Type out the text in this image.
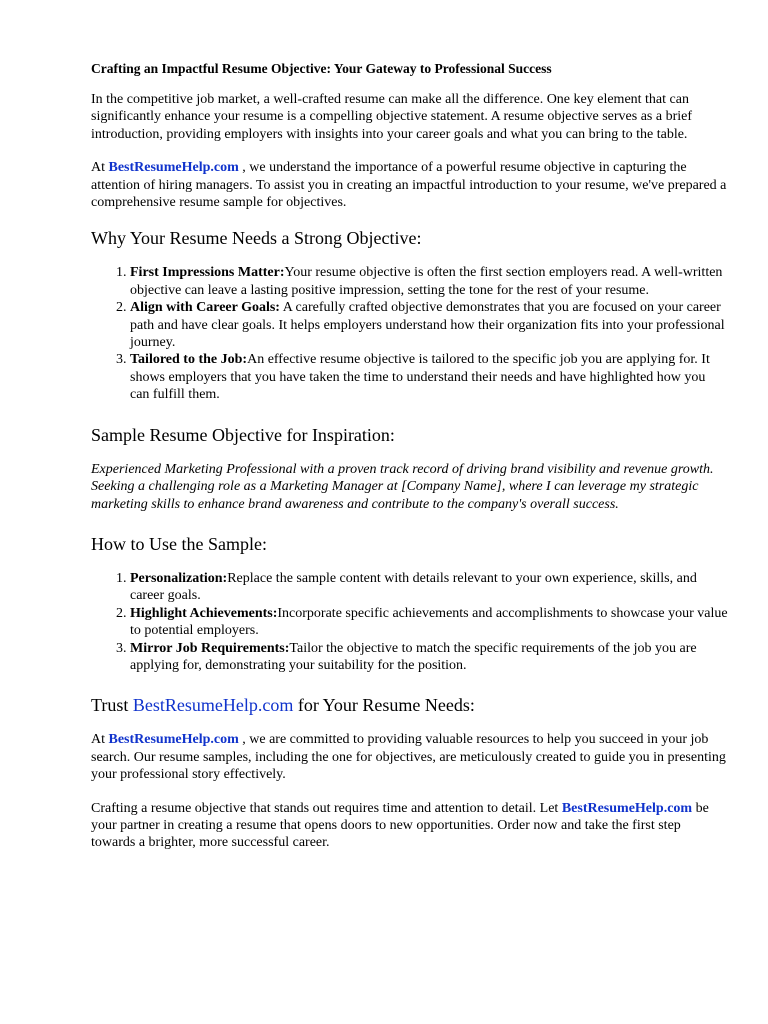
Crafting an Impactful Resume Objective: Your Gateway to Professional Success

In the competitive job market, a well-crafted resume can make all the difference. One key element that can significantly enhance your resume is a compelling objective statement. A resume objective serves as a brief introduction, providing employers with insights into your career goals and what you can bring to the table.

At BestResumeHelp.com , we understand the importance of a powerful resume objective in capturing the attention of hiring managers. To assist you in creating an impactful introduction to your resume, we've prepared a comprehensive resume sample for objectives.

Why Your Resume Needs a Strong Objective:
1. First Impressions Matter:Your resume objective is often the first section employers read. A well-written objective can leave a lasting positive impression, setting the tone for the rest of your resume.
2. Align with Career Goals: A carefully crafted objective demonstrates that you are focused on your career path and have clear goals. It helps employers understand how their organization fits into your professional journey.
3. Tailored to the Job:An effective resume objective is tailored to the specific job you are applying for. It shows employers that you have taken the time to understand their needs and have highlighted how you can fulfill them.
Sample Resume Objective for Inspiration:

Experienced Marketing Professional with a proven track record of driving brand visibility and revenue growth. Seeking a challenging role as a Marketing Manager at [Company Name], where I can leverage my strategic marketing skills to enhance brand awareness and contribute to the company's overall success.

How to Use the Sample:
1. Personalization:Replace the sample content with details relevant to your own experience, skills, and career goals.
2. Highlight Achievements:Incorporate specific achievements and accomplishments to showcase your value to potential employers.
3. Mirror Job Requirements:Tailor the objective to match the specific requirements of the job you are applying for, demonstrating your suitability for the position.
Trust BestResumeHelp.com for Your Resume Needs:

At BestResumeHelp.com , we are committed to providing valuable resources to help you succeed in your job search. Our resume samples, including the one for objectives, are meticulously created to guide you in presenting your professional story effectively.

Crafting a resume objective that stands out requires time and attention to detail. Let BestResumeHelp.com be your partner in creating a resume that opens doors to new opportunities. Order now and take the first step towards a brighter, more successful career.
